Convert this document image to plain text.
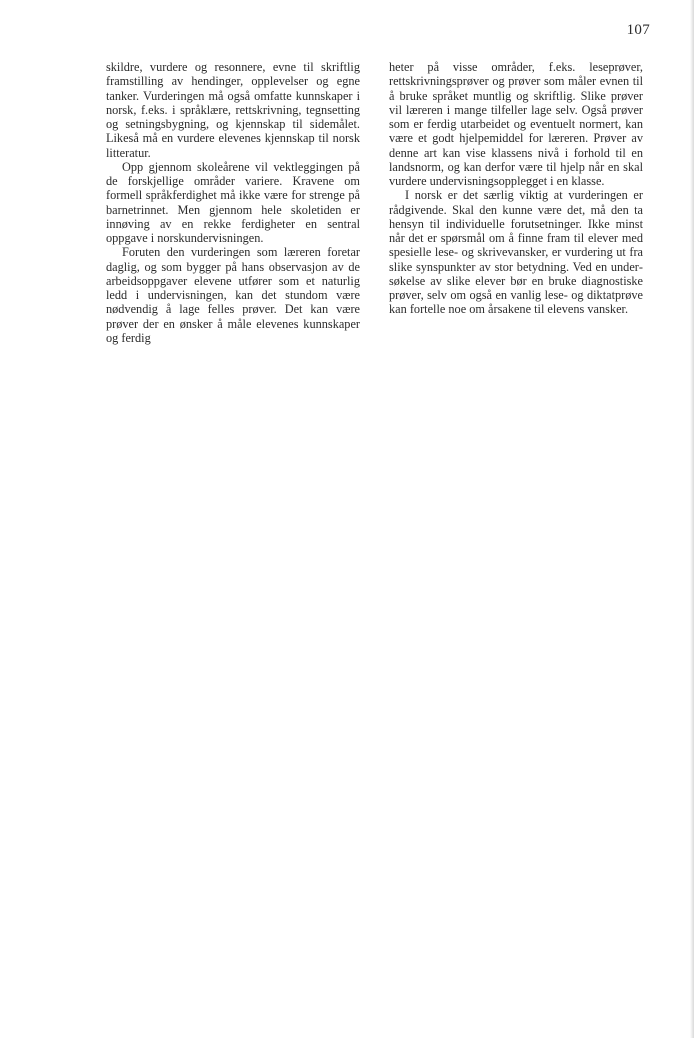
107

skildre, vurdere og resonnere, evne til skriftlig framstilling av hendinger, opplevelser og egne tanker. Vurderingen må også omfatte kunnskaper i norsk, f.eks. i språklære, rettskrivning, tegnsetting og setningsbygning, og kjennskap til sidemålet. Likeså må en vurdere elevenes kjennskap til norsk litteratur.

Opp gjennom skoleårene vil vektleggingen på de forskjellige områder variere. Kravene om formell språkferdighet må ikke være for strenge på barnetrinnet. Men gjennom hele skoletiden er innøving av en rekke ferdigheter en sentral oppgave i norskundervisningen.

Foruten den vurderingen som læreren foretar daglig, og som bygger på hans observasjon av de arbeidsoppgaver elevene utfører som et naturlig ledd i undervisningen, kan det stundom være nødvendig å lage felles prøver. Det kan være prøver der en ønsker å måle elevenes kunnskaper og ferdig

heter på visse områder, f.eks. leseprøver, rettskrivningsprøver og prøver som måler evnen til å bruke språket muntlig og skriftlig. Slike prøver vil læreren i mange tilfeller lage selv. Også prøver som er ferdig utarbeidet og eventuelt normert, kan være et godt hjelpemiddel for læreren. Prøver av denne art kan vise klassens nivå i forhold til en landsnorm, og kan derfor være til hjelp når en skal vurdere undervisningsopplegget i en klasse.

I norsk er det særlig viktig at vurderingen er rådgivende. Skal den kunne være det, må den ta hensyn til individuelle forutsetninger. Ikke minst når det er spørsmål om å finne fram til elever med spesielle lese- og skrivevansker, er vurdering ut fra slike synspunkter av stor betydning. Ved en undersøkelse av slike elever bør en bruke diagnostiske prøver, selv om også en vanlig lese- og diktatprøve kan fortelle noe om årsakene til elevens vansker.
